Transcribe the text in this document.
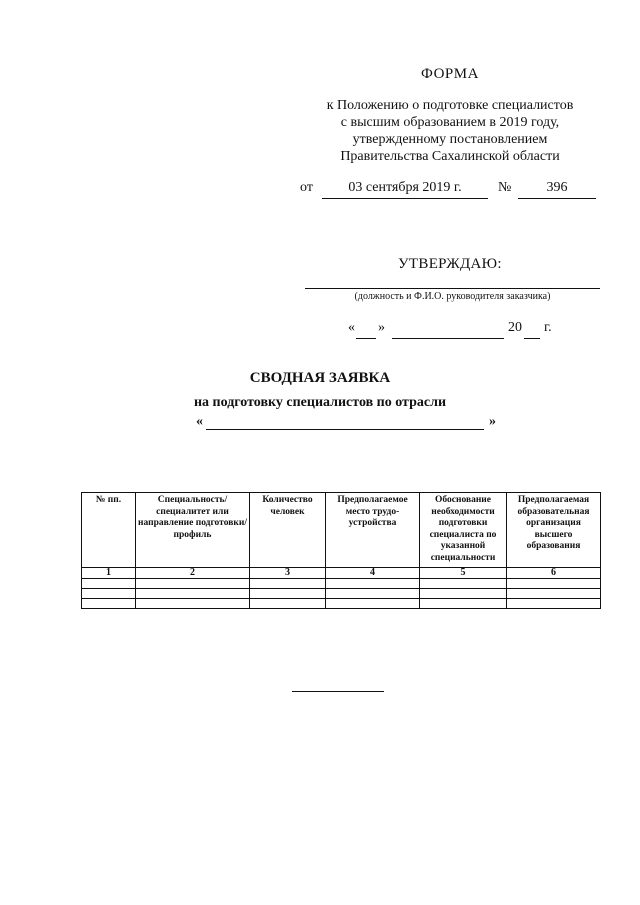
ФОРМА
к Положению о подготовке специалистов
с высшим образованием в 2019 году,
утвержденному постановлением
Правительства Сахалинской области
от	03 сентября 2019 г.	№	396
УТВЕРЖДАЮ:
(должность и Ф.И.О. руководителя заказчика)
« »	20 г.
СВОДНАЯ ЗАЯВКА
на подготовку специалистов по отрасли
«	»
№ пп.	Специальность/ специалитет или направление подготовки/профиль	Количество человек	Предполагаемое место трудо-устройства	Обоснование необходимости подготовки специалиста по указанной специальности	Предполагаемая образовательная организация высшего образования
1	2	3	4	5	6
